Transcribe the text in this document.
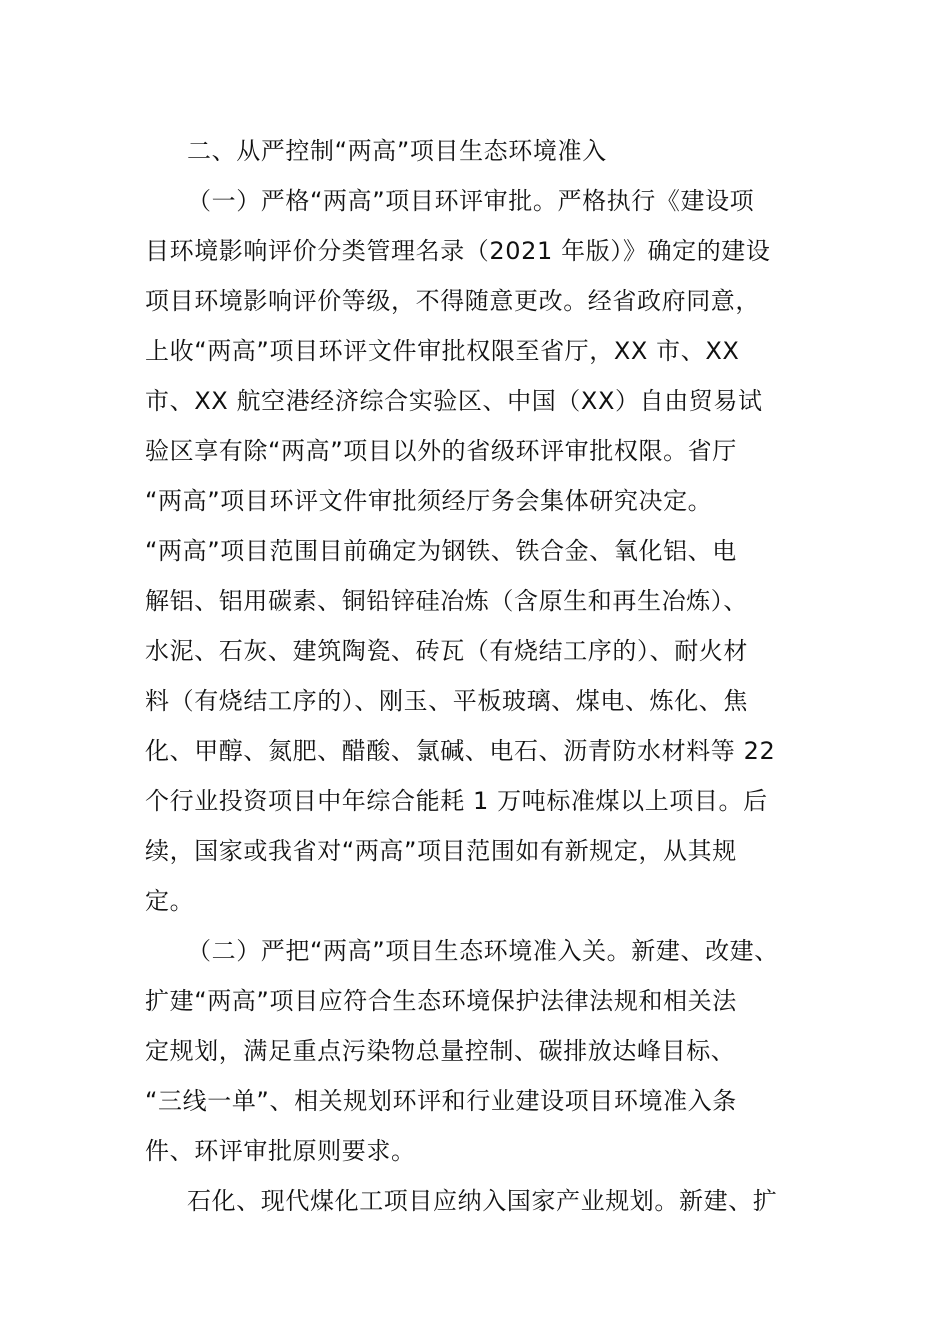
二、从严控制“两高”项目生态环境准入
（一）严格“两高”项目环评审批。严格执行《建设项
目环境影响评价分类管理名录（2021 年版）》确定的建设
项目环境影响评价等级，不得随意更改。经省政府同意，
上收“两高”项目环评文件审批权限至省厅，XX 市、XX
市、XX 航空港经济综合实验区、中国（XX）自由贸易试
验区享有除“两高”项目以外的省级环评审批权限。省厅
“两高”项目环评文件审批须经厅务会集体研究决定。
“两高”项目范围目前确定为钢铁、铁合金、氧化铝、电
解铝、铝用碳素、铜铅锌硅冶炼（含原生和再生冶炼）、
水泥、石灰、建筑陶瓷、砖瓦（有烧结工序的）、耐火材
料（有烧结工序的）、刚玉、平板玻璃、煤电、炼化、焦
化、甲醇、氮肥、醋酸、氯碱、电石、沥青防水材料等 22
个行业投资项目中年综合能耗 1 万吨标准煤以上项目。后
续，国家或我省对“两高”项目范围如有新规定，从其规
定。
（二）严把“两高”项目生态环境准入关。新建、改建、
扩建“两高”项目应符合生态环境保护法律法规和相关法
定规划，满足重点污染物总量控制、碳排放达峰目标、
“三线一单”、相关规划环评和行业建设项目环境准入条
件、环评审批原则要求。
石化、现代煤化工项目应纳入国家产业规划。新建、扩
